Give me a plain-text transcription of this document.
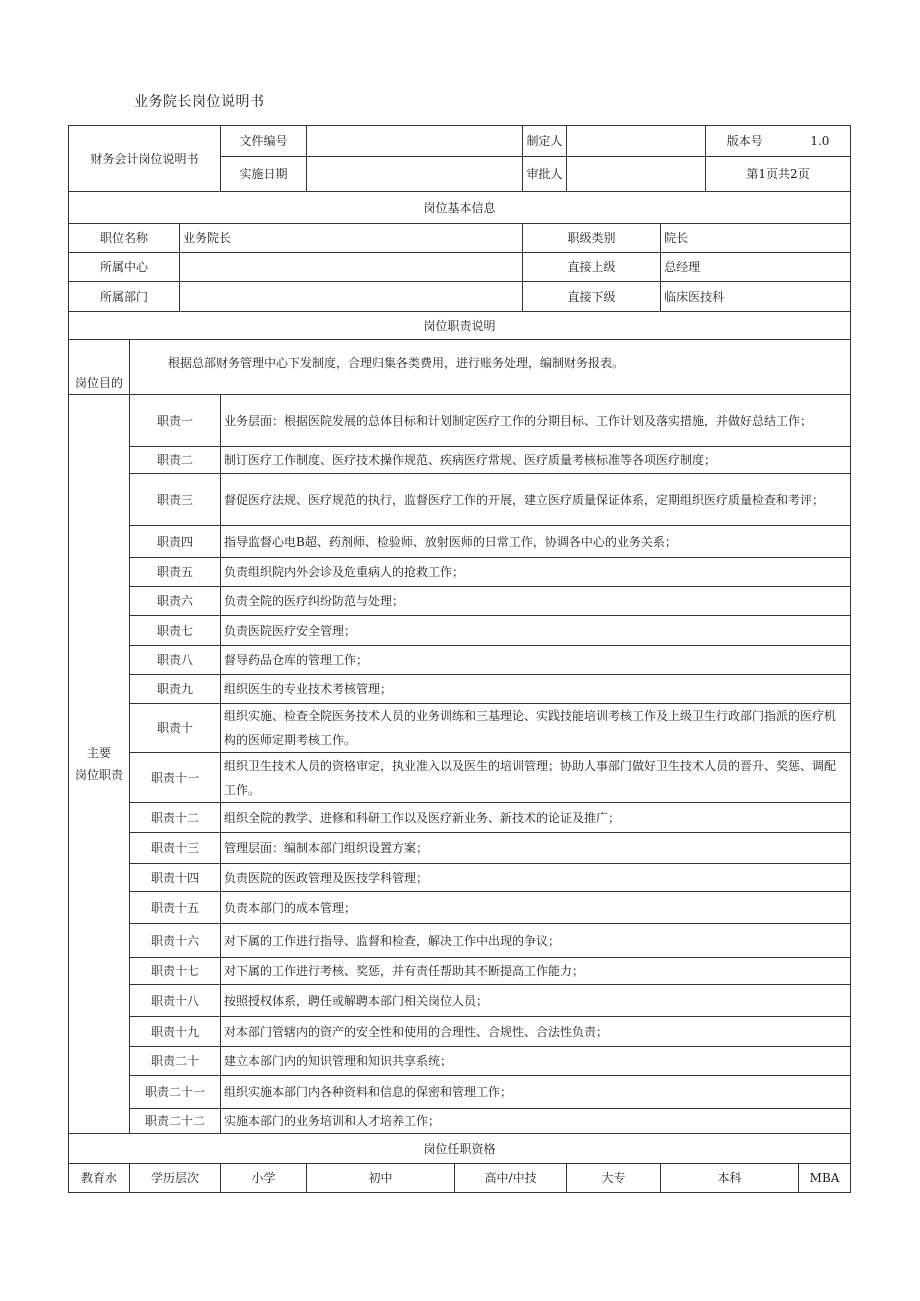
业务院长岗位说明书
财务会计岗位说明书			文件编号			制定人			版本号 1.0	
			实施日期			审批人			第1页共2页	
岗位基本信息										
职位名称		业务院长				职级类别		院长		
所属中心						直接上级		总经理		
所属部门						直接下级		临床医技科		
岗位职责说明										
岗位目的	根据总部财务管理中心下发制度，合理归集各类费用，进行账务处理，编制财务报表。									

主要
岗位职责	职责一		业务层面：根据医院发展的总体目标和计划制定医疗工作的分期目标、工作计划及落实措施，并做好总结工作；							
	职责二		制订医疗工作制度、医疗技术操作规范、疾病医疗常规、医疗质量考核标准等各项医疗制度；							
	职责三		督促医疗法规、医疗规范的执行，监督医疗工作的开展，建立医疗质量保证体系，定期组织医疗质量检查和考评；							
	职责四		指导监督心电B超、药剂师、检验师、放射医师的日常工作，协调各中心的业务关系；							
	职责五		负责组织院内外会诊及危重病人的抢救工作；							
	职责六		负责全院的医疗纠纷防范与处理；							
	职责七		负责医院医疗安全管理；							
	职责八		督导药品仓库的管理工作；							
	职责九		组织医生的专业技术考核管理；							
	职责十		组织实施、检查全院医务技术人员的业务训练和三基理论、实践技能培训考核工作及上级卫生行政部门指派的医疗机构的医师定期考核工作。							
	职责十一		组织卫生技术人员的资格审定，执业准入以及医生的培训管理；协助人事部门做好卫生技术人员的晋升、奖惩、调配工作。							
	职责十二		组织全院的教学、进修和科研工作以及医疗新业务、新技术的论证及推广；							
	职责十三		管理层面：编制本部门组织设置方案；							
	职责十四		负责医院的医政管理及医技学科管理；							
	职责十五		负责本部门的成本管理；							
	职责十六		对下属的工作进行指导、监督和检查，解决工作中出现的争议；							
	职责十七		对下属的工作进行考核、奖惩，并有责任帮助其不断提高工作能力；							
	职责十八		按照授权体系，聘任或解聘本部门相关岗位人员；							
	职责十九		对本部门管辖内的资产的安全性和使用的合理性、合规性、合法性负责；							
	职责二十		建立本部门内的知识管理和知识共享系统；							
	职责二十一		组织实施本部门内各种资料和信息的保密和管理工作；							
	职责二十二		实施本部门的业务培训和人才培养工作；							
岗位任职资格										
教育水	学历层次		小学	初中	高中/中技		大专	本科		MBA
